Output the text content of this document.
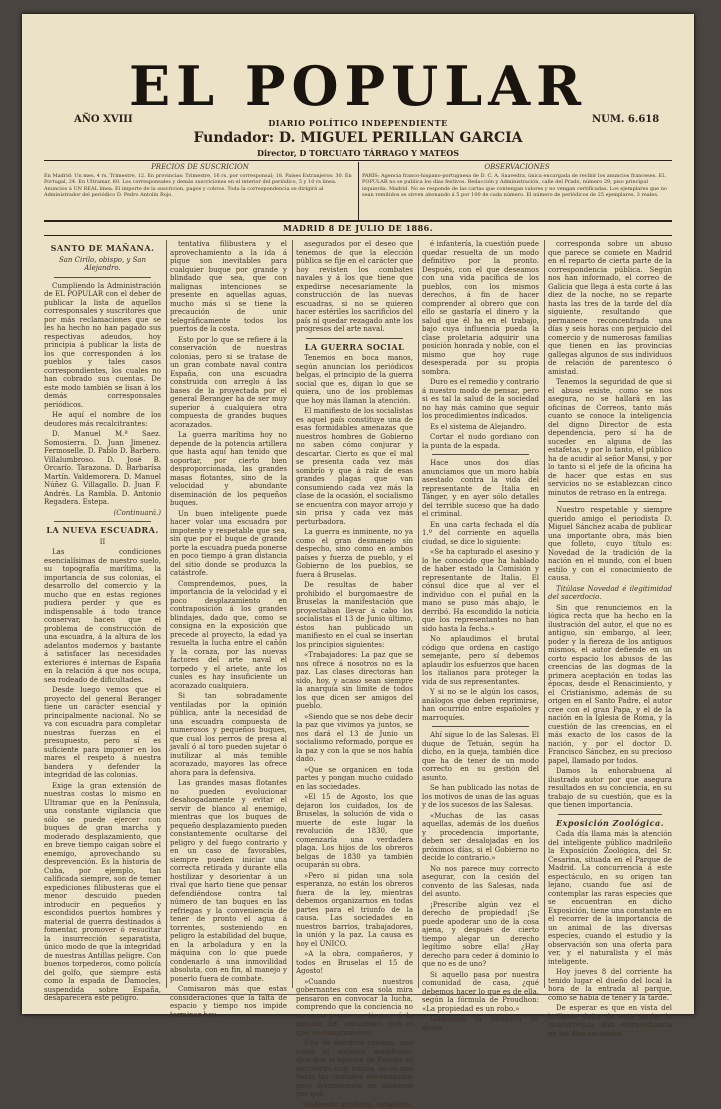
EL POPULAR
AÑO XVIII	NUM. 6.618
DIARIO POLÍTICO INDEPENDIENTE
Fundador: D. MIGUEL PERILLAN GARCIA
Director, D TORCUATO TÁRRAGO Y MATEOS
PRECIOS DE SUSCRICION
En Madrid: Un mes, 4 rs. Trimestre, 12. En provincias: Trimestre, 16 rs. por corresponsal; 18. Países Extranjeros: 30. En Portugal, 24. En Ultramar, 60. Los corresponsales y demás suscriciones en el interior del periódico, 5 y 10 rs línea. Anuncios á UN REAL línea. El importe de la suscricion, pagos y cobros. Toda la correspondencia se dirigirá al Administrador del periódico D. Pedro Antolín Rojo.
OBSERVACIONES
PARÍS: Agencia franco-hispano-portuguesa de D. C. A. Saavedra, única encargada de recibir los anuncios franceses. EL POPULAR no se publica los días festivos. Redacción y Administración, calle del Prado, número 29, piso principal izquierda. Madrid. No se responde de las cartas que contengan valores y no vengan certificadas. Los ejemplares que no sean remitidos se sirven abonando á 5 por 100 de cada número. El número de periódicos de 25 ejemplares, 3 reales.
MADRID 8 DE JULIO DE 1886.
SANTO DE MAÑANA.

San Cirilo, obispo, y San Alejandro.

Cumpliendo la Administración de EL POPULAR con el deber de publicar la lista de aquellos corresponsales y suscritores que por más reclamaciones que se les ha hecho no han pagado sus respectivas adeudos, hoy principia á publicar la lista de los que corresponden á los pueblos y tales casos correspondientes, los cuales no han cobrado sus cuentas. De este modo también se lisan á los demás corresponsales periódicos.

He aquí el nombre de los deudores más recalcitrantes:

D. Manuel M.ª Saez. Somosierra. D. Juan Jimenez. Fermoselle. D. Pablo D. Barbero. Villalumbroso. D. José B. Orcarío. Tarazona. D. Barbarísa Martín. Valdemorera. D. Manuel Núñez G. Villagallo. D. Juan F. Andrés. La Rambla. D. Antonio Regadera. Estepa.

(Continuará.)

LA NUEVA ESCUADRA.

II

Las condiciones esencialísimas de nuestro suelo, su topografía marítima, la importancia de sus colonias, el desarrollo del comercio y la mucho que en estas regiones pudiera perder y que es indispensable á todo trance conservar, hacen que el problema de construcción de una escuadra, á la altura de los adelantos modernos y bastante á satisfacer las necesidades exteriores é internas de España en la relación á que nos ocupa, sea rodeado de dificultades.

Desde luego vemos que el proyecto del general Beranger tiene un carácter esencial y principalmente nacional. No se va con escuadra para completar nuestras fuerzas en el presupuesto, pero sí es suficiente para imponer en los mares el respeto á nuestra bandera y defender la integridad de las colonias.

Exige la gran extensión de nuestras costas lo mismo en Ultramar que en la Península, una constante vigilancia que sólo se puede ejercer con buques de gran marcha y moderado desplazamiento, que en breve tiempo caigan sobre el enemigo, aprovechando su desprevención. Es la historia de Cuba, por ejemplo, tan calificada siempre, son de temer expediciones filibusteras que el menor descuido pueden introducir en pequeños y escondidos puertos hombres y material de guerra destinados á fomentar, promover ó resucitar la insurrección separatista, único modo de que la integridad de nuestras Antillas peligre. Con buenos torpederos, como policía del golfo, que siempre está como la espada de Damocles, suspendida sobre España, desaparecerá este peligro.

tentativa filibustera y el aprovechamiento a la ida á pique son inevitables para cualquier buque por grande y blindado que sea, que con malignas intenciones se presente en aquellas aguas, mucho más si se tiene la precaución de unir telegráficamente todos los puertos de la costa.

Esto por lo que se refiere á la conservación de nuestras colonias, pero si se tratase de un gran combate naval contra España, con una escuadra construida con arreglo á las bases de la proyectada por el general Beranger ha de ser muy superior á cualquiera otra compuesta de grandes buques acorazados.

La guerra marítima hoy no depende de la potencia artillera que hasta aquí han tenido que soportar, por cierto bien desproporcionada, las grandes masas flotantes, sino de la velocidad y abundante diseminación de los pequeños buques.

Un buen inteligente puede hacer volar una escuadra por impotente y respetable que sea, sin que por el buque de grande porte la escuadra pueda ponerse en poco tiempo á gran distancia del sitio donde se produzca la catástrofe.

Comprendemos, pues, la importancia de la velocidad y el poco desplazamiento en contraposición á los grandes blindajes, dado que, como se consigna en la exposición que precede al proyecto, la edad ya resuelta la lucha entre el cañón y la coraza, por las nuevas factores del arte naval el torpedo y el ariete, ante los cuales es hay insuficiente un acorazado cualquiera.

Si tan sobradamente ventiladas por la opinión pública, ante la necesidad de una escuadra compuesta de numerosos y pequeños buques, que cual los perros de presa al javalí ó al toro pueden sujetar ó inutilizar al más temible acorazado, mayores las ofrece ahora para la defensiva.

Las grandes masas flotantes no pueden evolucionar desahogadamente y evitar el servir de blanco al enemigo, mientras que los buques de pequeño desplazamiento pueden constantemente ocultarse del peligro y del fuego contrario y en un caso de favorables, siempre pueden iniciar una correcta retirada y durante ella hostilizar y desorientar á un rival que harto tiene que pensar defendiéndose contra tal número de tan buques en las refriegas y la conveniencia de tener de pronto el agua á torrentes, sosteniendo en peligro la estabilidad del buque, en la arboladura y en la máquina con lo que puede condenarlo á una inmovilidad absoluta, con en fin, al manejo y ponerlo fuera de combate.

Comisaron más que estas consideraciones que la falta de espacio y tiempo nos impide terminar hoy,

asegurados por el deseo que tenemos de que la elección pública se fije en el carácter que hoy revisten los combates navales y á los que tiene que expedirse necesariamente la construcción de las nuevas escuadras, si no se quieren hacer estériles los sacrificios del país ni quedar rezagado ante los progresos del arte naval.

LA GUERRA SOCIAL

Tenemos en boca manos, según anuncian los periódicos belgas, el principio de la guerra social que es, digan lo que se quiera, uno de los problemas que hoy más llaman la atención.

El manifiesto de los socialistas es aquel país constituye una de esas formidables amenazas que nuestros hombres de Gobierno no saben cómo conjurar y descartar. Cierto es que el mal se presenta cada vez más sombrío y que á raíz de esas grandes plagas que van consumiendo cada vez más la clase de la ocasión, el socialismo se encuentra con mayor arrojo y sin prisa y cada vez más perturbadora.

La guerra es inminente, no ya como el gran desmanejo sin despecho, sino como en ambos países y fuerza de pueblo, y el Gobierno de los pueblos, se fuera á Bruselas.

De resultas de haber prohibido el burgomaestre de Bruselas la manifestación que proyectaban llevar á cabo los socialistas el 13 de Junio último, éstos han publicado un manifiesto en el cual se insertan los principios siguientes:

«Trabajadores: La paz que se nos ofrece á nosotros no es la paz. Las clases directoras han sido, hoy, y acaso sean siempre la anarquía sin limite de todos los que dicen ser amigos del pueblo.

»Siendo que se nos debe decir la paz que vivimos ya juntos, se nos dará el 13 de Junio un socialismo reformado, porque es la paz y con la que se nos había dado.

»Que se organicen en toda partes y pongan mucho cuidado en las sociedades.

»El 15 de Agosto, los que dejaron los cuidados, los de Bruselas, la solución de vida o muerte de este lugar la revolución de 1830, que comenzaría una verdadera plaga. Los hijos de los obreros belgas de 1830 ya también ocuparán su obra.

»Pero si pidan una sola esperanza, no están los obreros fuera de la ley, mientras debemos organizarnos en todas partes para el triunfo de la causa. Las sociedades en nuestros barrios, trabajadores, la unión y la paz. La causa es hoy el ÚNICO.

»A la obra, compañeros, y todos en Bruselas el 15 de Agosto!

»Cuando nuestros gobernantes con esa sola mira pensaron en convocar la lucha, comprendo que la conciencia no es suyo y que no tienen, á la opinión del socialismo, con el que se comprometen.

Una de nuestros colegas, que copia el anterior manifiesto, dice que la opinión de Europa se encuentra muy honda, no en que todas las ciudades encenagadas pero francamente no sabemos por qué.

Habiendo artillería, caballería

é infantería, la cuestión puede quedar resuelta de un modo definitivo por la pronto. Después, con el que deseamos con una vida pacífica de los pueblos, con los mismos derechos, á fin de hacer comprender al obrero que con ello se gastaría el dinero y la salud que él ha en el trabajo, bajo cuya influencia pueda la clase proletaria adquirir una posición honrada y noble, con el mismo que hoy ruge desesperada por su propia sombra.

Duro es el remedio y contrario á nuestro modo de pensar, pero si es tal la salud de la sociedad no hay más camino que seguir los procedimientos indicados.

Es el sistema de Alejandro.

Cortar el nudo gordiano con la punta de la espada.

Hace unos dos días anunciamos que un moro había asestado contra la vida del representante de Italia en Tánger, y en ayer sólo detalles del terrible suceso que ha dado el criminal.

En una carta fechada el día 1.º del corriente en aquella ciudad, se dice lo siguiente:

«Se ha capturado el asesino y lo he conocido que ha hablado de haber estado la Comisión y representante de Italia. El cónsul dice que al ver el individuo con el puñal en la mano se puso más abajo, le derribó. Ha escondido la noticia que los representantes no han sido hasta la fecha.»

No aplaudimos el brutal código que ordena en castigo semejante, pero sí debemos aplaudir los esfuerzos que hacen los italianos para proteger la vida de sus representantes.

Y si no se le algún los casos, análogos que deben reprimirse, han ocurrido entre españoles y marroquíes.

Ahí sigue lo de las Salesas. El duque de Tetuán, según ha dicho, en la queja, también dice que ha de tener de un modo correcto en su gestión del asunto.

Se han publicado las notas de los motivos de unas de las aguas y de los sucesos de las Salesas.

«Muchas de las casas aquellas, además de los dueños y procedencia importante, deben ser desalojadas en los próximos días, si el Gobierno no decide lo contrario.»

No nos parece muy correcto asegurar, con la cesión del convento de las Salesas, nada del asunto.

¡Prescribe algún vez el derecho de propiedad! ¡Se puede apoderar uno de la cosa ajena, y después de cierto tiempo alegar un derecho legítimo sobre ella! ¿Hay derecho para ceder á dominio lo que no es de uno?

Si aquello pasa por nuestra comunidad de casa, ¿qué debemos hacer lo que es de ella, según la fórmula de Proudhon: «La propiedad es un robo.»

Llamamos la atención de quien

corresponda sobre un abuso que parece se comete en Madrid en el reparto de cierta parte de la correspondencia pública. Según nos han informado, el correo de Galicia que llega á esta corte á las diez de la noche, no se reparte hasta las tres de la tarde del día siguiente, resultando que permanece reconcentrada una días y seis horas con perjuicio del comercio y de numerosas familias que tienen en las provincias gallegas algunos de sus individuos de relación de parentesco ó amistad.

Tenemos la seguridad de que si el abuso existe, como se nos asegura, no se hallará en las oficinas de Correos, tanto más cuanto se conoce la inteligencia del digno Director de esta dependencia, pero sí ha de suceder en alguna de las estafetas, y por lo tanto, el público ha de acudir al señor Mansi, y por lo tanto si el jefe de la oficina ha de hacer que estas en sus servicios no se establezcan cinco minutos de retraso en la entrega.

Nuestro respetable y siempre querido amigo el periodista D. Miguel Sánchez acaba de publicar una importante obra, más bien que folleto, cuyo título es: Novedad de la tradición de la nación en el mundo, con el buen estilo y con el conocimiento de causa.

Titúlase Novedad é ilegitimidad del sacerdocio.

Sin que renunciemos en la lógica recta que ha hecho en la ilustración del autor, el que no es antiguo, sin embargo, al leer, poder y la fiereza de los antiguos mismos, el autor defiende en un corto espacio los abusos de las creencias de las dogmas de la primera aceptación en todas las épocas, desde el Renacimiento, y el Cristianismo, además de su origen en el Santo Padre, el autor cree con el gran Papa, y el de la nación en la Iglesia de Roma, y la cuestión de las creencias, en el más exacto de los casos de la nación, y por el doctor D. Francisco Sánchez, en su precioso papel, llamado por todos.

Damos la enhorabuena al ilustrado autor por que asegura resultados en su conciencia, en su trabajo de su cuestión, que es la que tienen importancia.

Exposición Zoológica.

Cada día llama más la atención del inteligente público madrileño la Exposición Zoológica, del Sr. Cesarina, situada en el Parque de Madrid. La concurrencia á este espectáculo, en su origen tan lejano, cuando fue así de contemplar las raras especies que se encuentran en dicho Exposición, tiene una constante en el recorrer de la importancia de un animal de las diversas especies, cuando el estudio y la observación son una oferta para ver, y el naturalista y el más inteligente.

Hoy jueves 8 del corriente ha tenido lugar el dueño del local la hora de la entrada al parque, como se había de tener y la tarde.

De esperar es que en vista del brillante éxito de esta tarde, la concurrencia aún extraordinaria en los días sucesivos.
